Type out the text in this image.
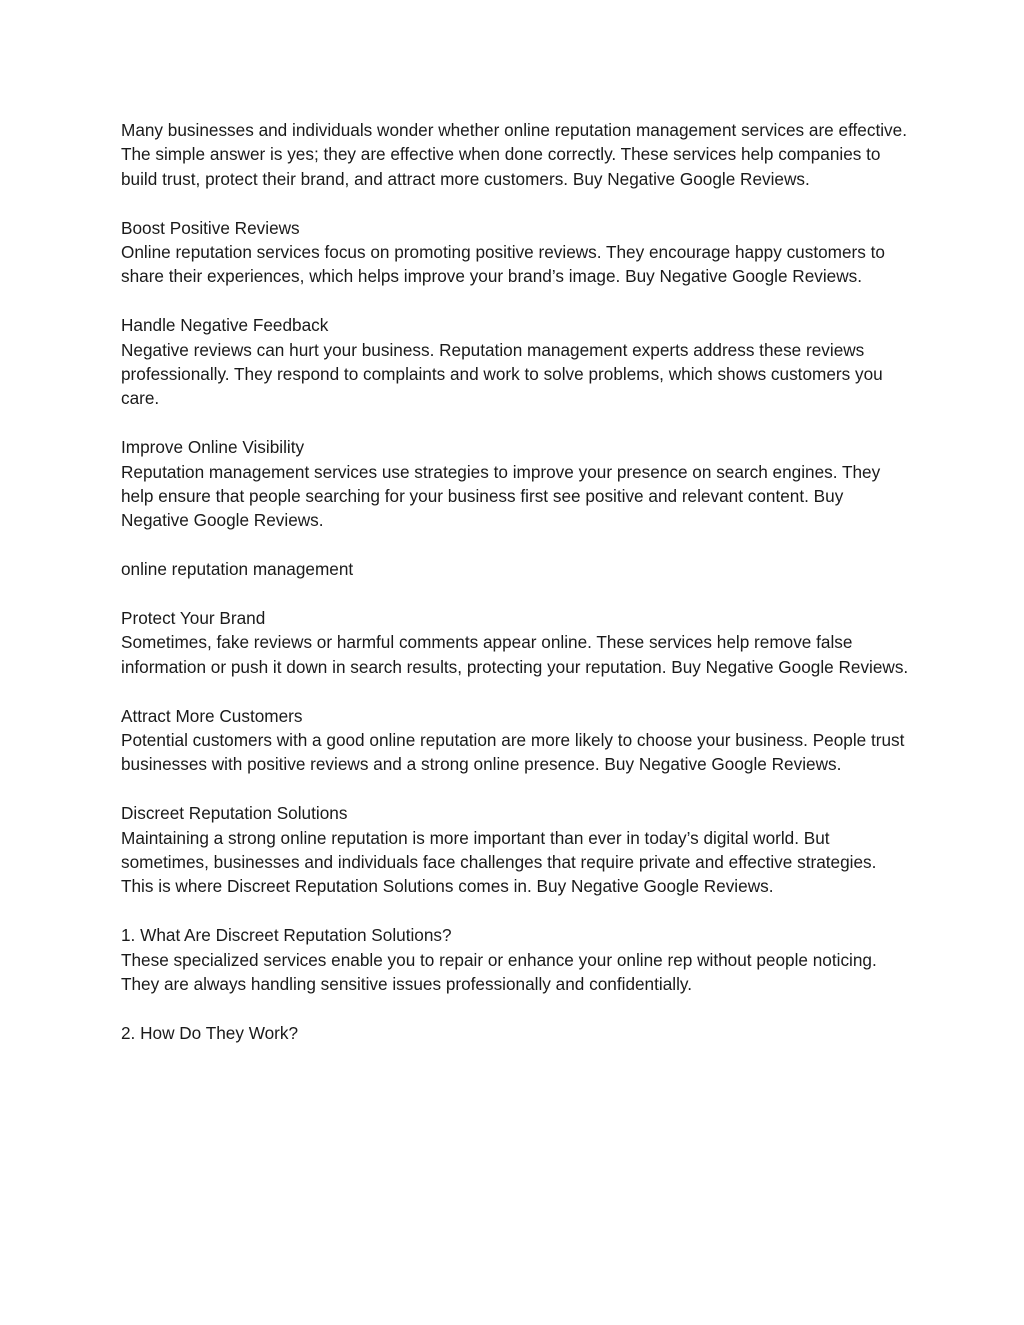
Many businesses and individuals wonder whether online reputation management services are effective. The simple answer is yes; they are effective when done correctly. These services help companies to build trust, protect their brand, and attract more customers. Buy Negative Google Reviews.

Boost Positive Reviews

Online reputation services focus on promoting positive reviews. They encourage happy customers to share their experiences, which helps improve your brand’s image. Buy Negative Google Reviews.

Handle Negative Feedback

Negative reviews can hurt your business. Reputation management experts address these reviews professionally. They respond to complaints and work to solve problems, which shows customers you care.

Improve Online Visibility

Reputation management services use strategies to improve your presence on search engines. They help ensure that people searching for your business first see positive and relevant content. Buy Negative Google Reviews.

online reputation management

Protect Your Brand

Sometimes, fake reviews or harmful comments appear online. These services help remove false information or push it down in search results, protecting your reputation. Buy Negative Google Reviews.

Attract More Customers

Potential customers with a good online reputation are more likely to choose your business. People trust businesses with positive reviews and a strong online presence. Buy Negative Google Reviews.

Discreet Reputation Solutions

Maintaining a strong online reputation is more important than ever in today’s digital world. But sometimes, businesses and individuals face challenges that require private and effective strategies. This is where Discreet Reputation Solutions comes in. Buy Negative Google Reviews.

1. What Are Discreet Reputation Solutions?

These specialized services enable you to repair or enhance your online rep without people noticing. They are always handling sensitive issues professionally and confidentially.

2. How Do They Work?
